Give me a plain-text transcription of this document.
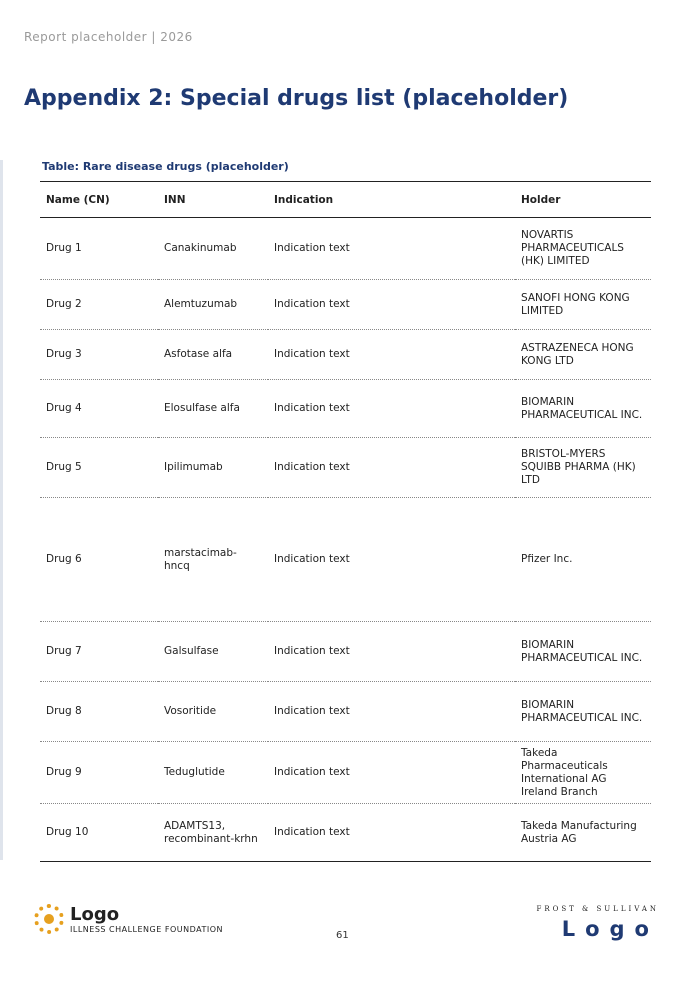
Report placeholder | 2026
Appendix 2: Special drugs list (placeholder)
Table: Rare disease drugs (placeholder)
Name (CN)	INN	Indication	Holder
Drug 1	Canakinumab	Indication text	NOVARTIS PHARMACEUTICALS (HK) LIMITED
Drug 2	Alemtuzumab	Indication text	SANOFI HONG KONG LIMITED
Drug 3	Asfotase alfa	Indication text	ASTRAZENECA HONG KONG LTD
Drug 4	Elosulfase alfa	Indication text	BIOMARIN PHARMACEUTICAL INC.
Drug 5	Ipilimumab	Indication text	BRISTOL-MYERS SQUIBB PHARMA (HK) LTD
Drug 6	marstacimab-hncq	Indication text	Pfizer Inc.
Drug 7	Galsulfase	Indication text	BIOMARIN PHARMACEUTICAL INC.
Drug 8	Vosoritide	Indication text	BIOMARIN PHARMACEUTICAL INC.
Drug 9	Teduglutide	Indication text	Takeda Pharmaceuticals International AG Ireland Branch
Drug 10	ADAMTS13, recombinant-krhn	Indication text	Takeda Manufacturing Austria AG
Logo
ILLNESS CHALLENGE FOUNDATION
61
FROST & SULLIVAN
Logo
